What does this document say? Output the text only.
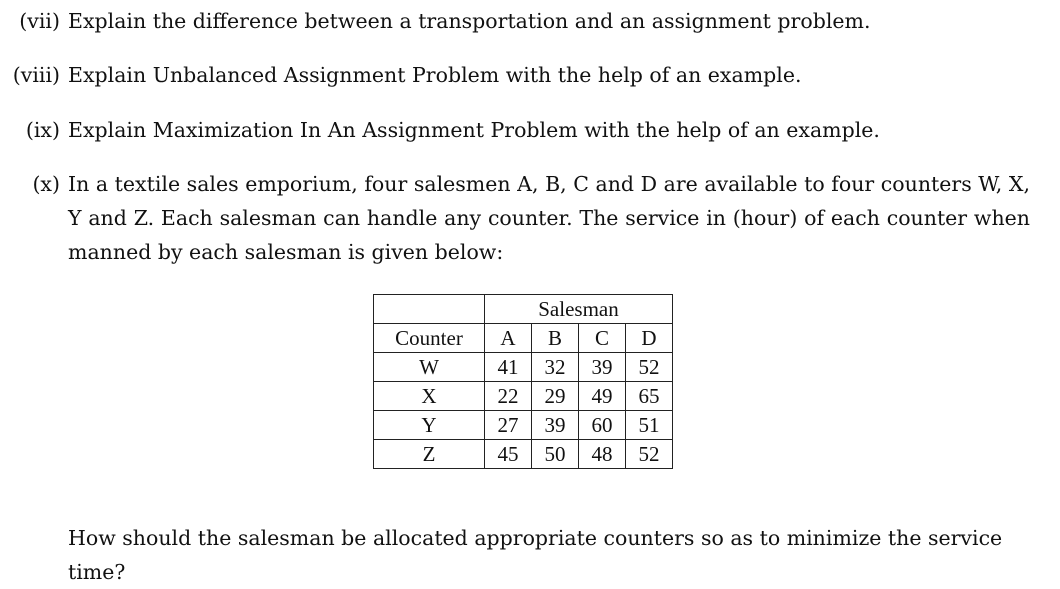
(vii) Explain the difference between a transportation and an assignment problem.
(viii) Explain Unbalanced Assignment Problem with the help of an example.
(ix) Explain Maximization In An Assignment Problem with the help of an example.
(x) In a textile sales emporium, four salesmen A, B, C and D are available to four counters W, X, Y and Z. Each salesman can handle any counter. The service in (hour) of each counter when manned by each salesman is given below:
	Salesman			
Counter	A	B	C	D
W	41	32	39	52
X	22	29	49	65
Y	27	39	60	51
Z	45	50	48	52
How should the salesman be allocated appropriate counters so as to minimize the service time?
